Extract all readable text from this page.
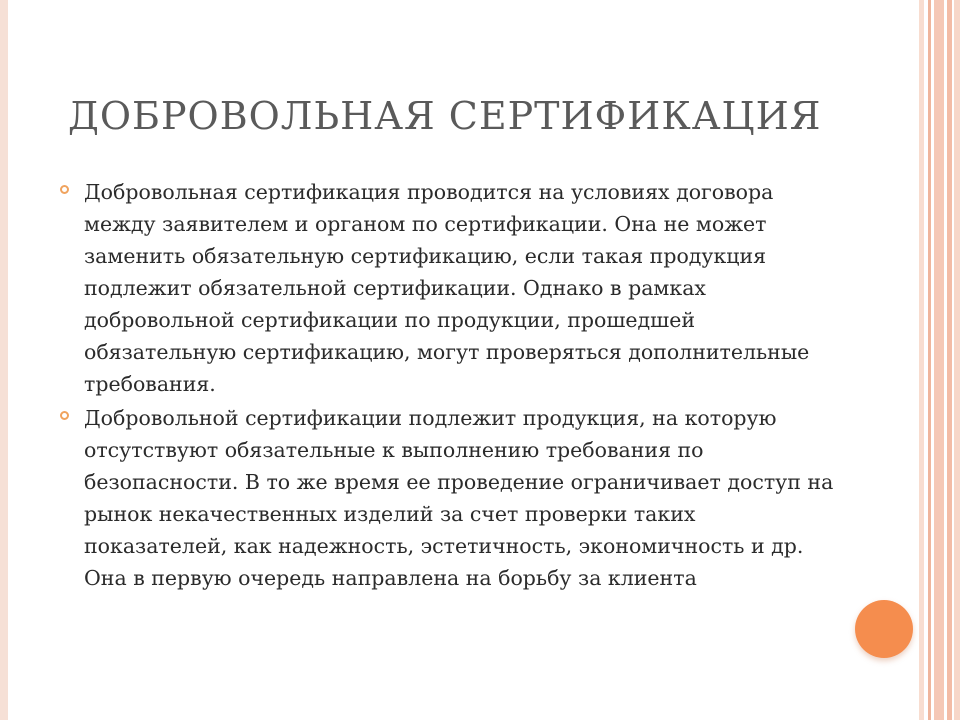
ДОБРОВОЛЬНАЯ СЕРТИФИКАЦИЯ
Добровольная сертификация проводится на условиях договора между заявителем и органом по сертификации. Она не может заменить обязательную сертификацию, если такая продукция подлежит обязательной сертификации. Однако в рамках добровольной сертификации по продукции, прошедшей обязательную сертификацию, могут проверяться дополнительные требования.
Добровольной сертификации подлежит продукция, на которую отсутствуют обязательные к выполнению требования по безопасности. В то же время ее проведение ограничивает доступ на рынок некачественных изделий за счет проверки таких показателей, как надежность, эстетичность, экономичность и др. Она в первую очередь направлена на борьбу за клиента
